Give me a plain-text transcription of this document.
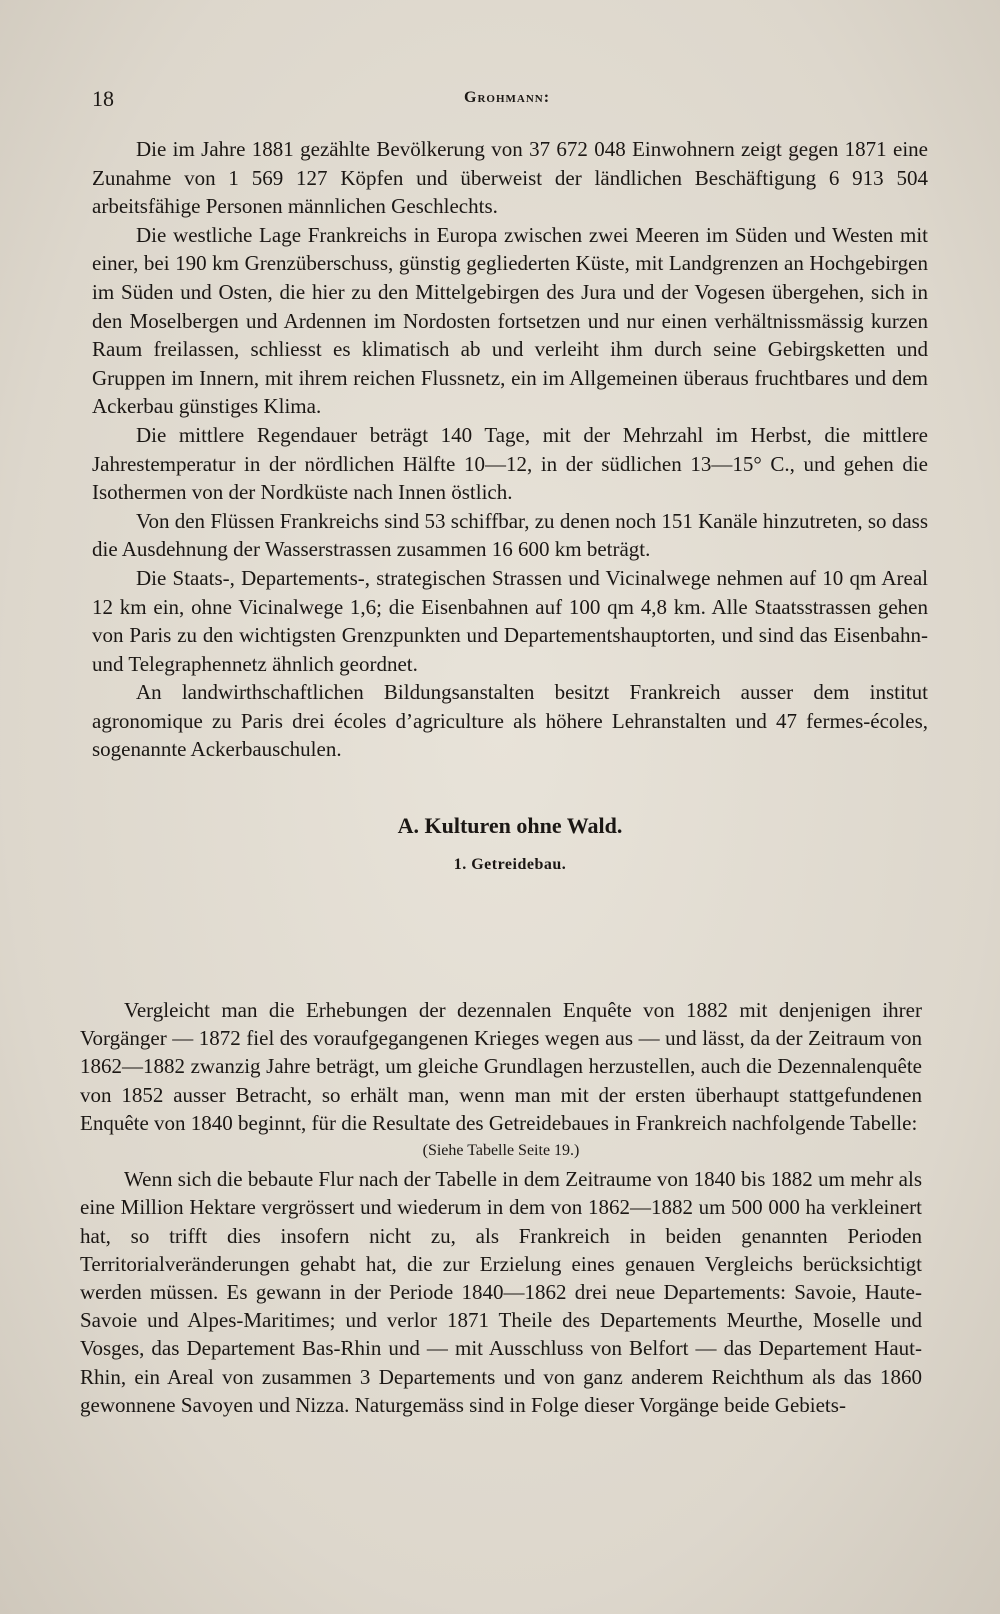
18	Grohmann:

Die im Jahre 1881 gezählte Bevölkerung von 37 672 048 Einwohnern zeigt gegen 1871 eine Zunahme von 1 569 127 Köpfen und überweist der ländlichen Beschäftigung 6 913 504 arbeitsfähige Personen männlichen Geschlechts.

Die westliche Lage Frankreichs in Europa zwischen zwei Meeren im Süden und Westen mit einer, bei 190 km Grenzüberschuss, günstig gegliederten Küste, mit Landgrenzen an Hochgebirgen im Süden und Osten, die hier zu den Mittelgebirgen des Jura und der Vogesen übergehen, sich in den Moselbergen und Ardennen im Nordosten fortsetzen und nur einen verhältnissmässig kurzen Raum freilassen, schliesst es klimatisch ab und verleiht ihm durch seine Gebirgsketten und Gruppen im Innern, mit ihrem reichen Flussnetz, ein im Allgemeinen überaus fruchtbares und dem Ackerbau günstiges Klima.

Die mittlere Regendauer beträgt 140 Tage, mit der Mehrzahl im Herbst, die mittlere Jahrestemperatur in der nördlichen Hälfte 10—12, in der südlichen 13—15° C., und gehen die Isothermen von der Nordküste nach Innen östlich.

Von den Flüssen Frankreichs sind 53 schiffbar, zu denen noch 151 Kanäle hinzutreten, so dass die Ausdehnung der Wasserstrassen zusammen 16 600 km beträgt.

Die Staats-, Departements-, strategischen Strassen und Vicinalwege nehmen auf 10 qm Areal 12 km ein, ohne Vicinalwege 1,6; die Eisenbahnen auf 100 qm 4,8 km. Alle Staatsstrassen gehen von Paris zu den wichtigsten Grenzpunkten und Departementshauptorten, und sind das Eisenbahn- und Telegraphennetz ähnlich geordnet.

An landwirthschaftlichen Bildungsanstalten besitzt Frankreich ausser dem institut agronomique zu Paris drei écoles d’agriculture als höhere Lehranstalten und 47 fermes-écoles, sogenannte Ackerbauschulen.

A. Kulturen ohne Wald.
1. Getreidebau.

Vergleicht man die Erhebungen der dezennalen Enquête von 1882 mit denjenigen ihrer Vorgänger — 1872 fiel des voraufgegangenen Krieges wegen aus — und lässt, da der Zeitraum von 1862—1882 zwanzig Jahre beträgt, um gleiche Grundlagen herzustellen, auch die Dezennalenquête von 1852 ausser Betracht, so erhält man, wenn man mit der ersten überhaupt stattgefundenen Enquête von 1840 beginnt, für die Resultate des Getreidebaues in Frankreich nachfolgende Tabelle:

(Siehe Tabelle Seite 19.)

Wenn sich die bebaute Flur nach der Tabelle in dem Zeitraume von 1840 bis 1882 um mehr als eine Million Hektare vergrössert und wiederum in dem von 1862—1882 um 500 000 ha verkleinert hat, so trifft dies insofern nicht zu, als Frankreich in beiden genannten Perioden Territorialveränderungen gehabt hat, die zur Erzielung eines genauen Vergleichs berücksichtigt werden müssen. Es gewann in der Periode 1840—1862 drei neue Departements: Savoie, Haute-Savoie und Alpes-Maritimes; und verlor 1871 Theile des Departements Meurthe, Moselle und Vosges, das Departement Bas-Rhin und — mit Ausschluss von Belfort — das Departement Haut-Rhin, ein Areal von zusammen 3 Departements und von ganz anderem Reichthum als das 1860 gewonnene Savoyen und Nizza. Naturgemäss sind in Folge dieser Vorgänge beide Gebiets-
